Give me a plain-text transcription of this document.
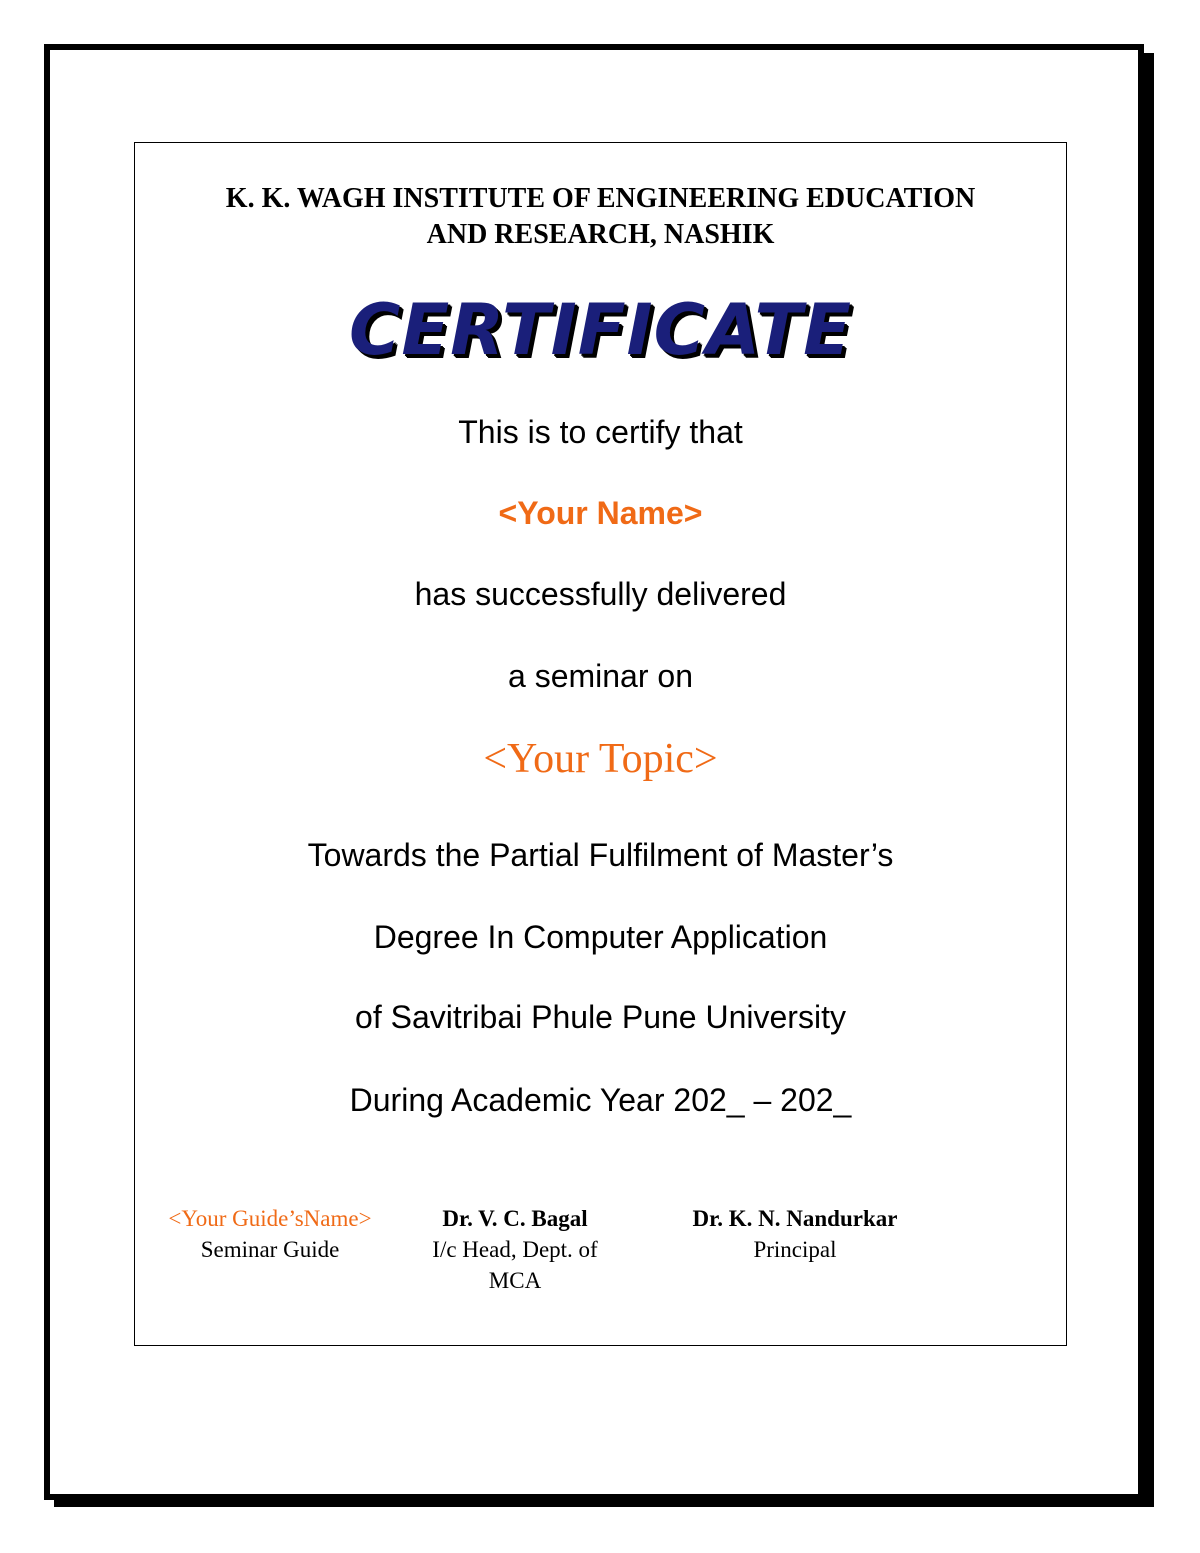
K. K. WAGH INSTITUTE OF ENGINEERING EDUCATION
AND RESEARCH, NASHIK
CERTIFICATE
This is to certify that
<Your Name>
has successfully delivered
a seminar on
<Your Topic>
Towards the Partial Fulfilment of Master’s
Degree In Computer Application
of Savitribai Phule Pune University
During Academic Year 202_ – 202_
<Your Guide’sName>
Seminar Guide
Dr. V. C. Bagal
I/c Head, Dept. of MCA
Dr. K. N. Nandurkar
Principal
